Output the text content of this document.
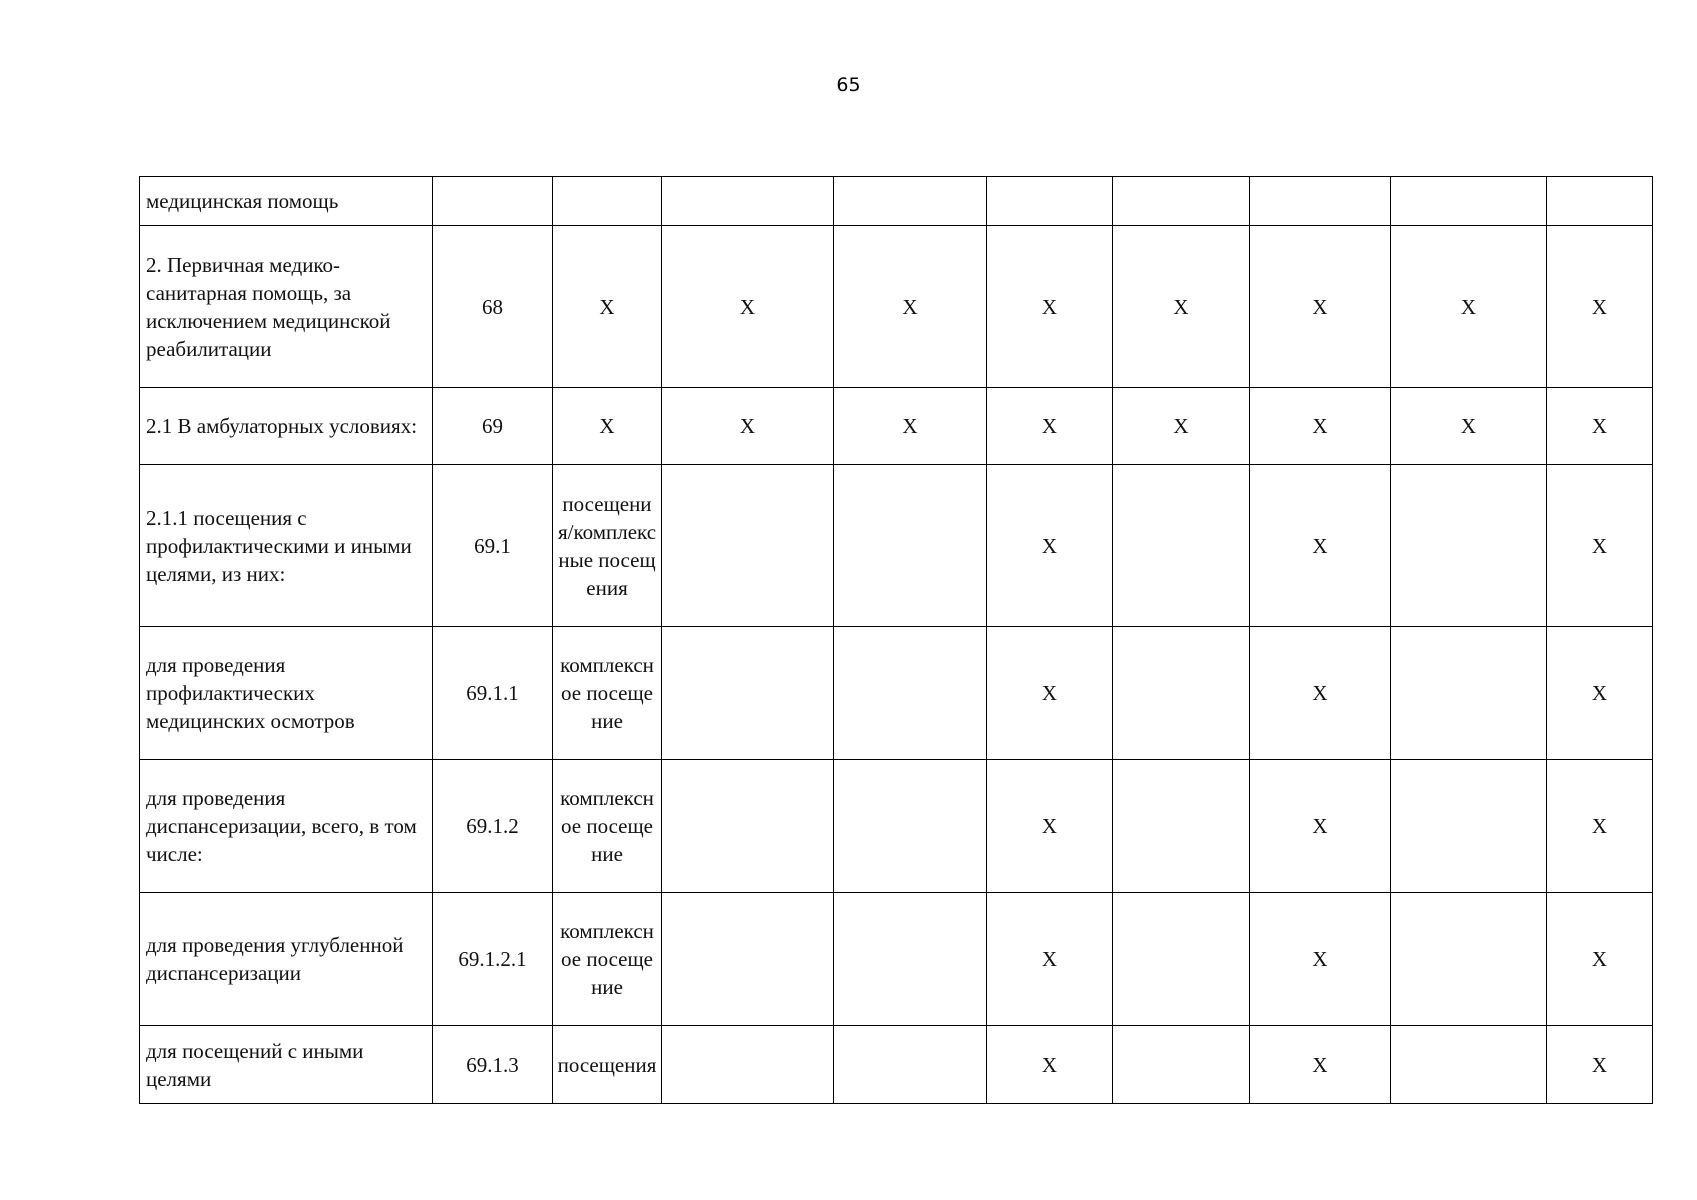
65
медицинская помощь									
2. Первичная медико-санитарная помощь, за исключением медицинской реабилитации	68	X	X	X	X	X	X	X	X
2.1 В амбулаторных условиях:	69	X	X	X	X	X	X	X	X
2.1.1 посещения с профилактическими и иными целями, из них:	69.1	посещения/комплексные посещения			X		X		X
для проведения профилактических медицинских осмотров	69.1.1	комплексное посещение			X		X		X
для проведения диспансеризации, всего, в том числе:	69.1.2	комплексное посещение			X		X		X
для проведения углубленной диспансеризации	69.1.2.1	комплексное посещение			X		X		X
для посещений с иными целями	69.1.3	посещения			X		X		X
